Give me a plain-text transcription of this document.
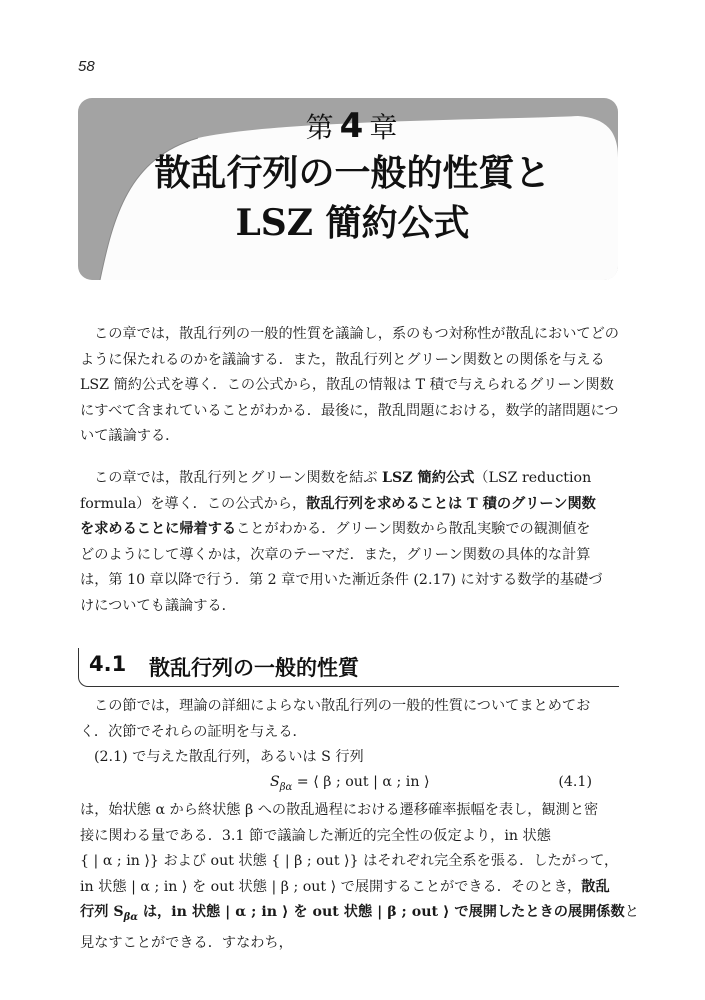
58
第 4 章
散乱行列の一般的性質と
LSZ 簡約公式
この章では，散乱行列の一般的性質を議論し，系のもつ対称性が散乱においてどの
ように保たれるのかを議論する．また，散乱行列とグリーン関数との関係を与える
LSZ 簡約公式を導く．この公式から，散乱の情報は T 積で与えられるグリーン関数
にすべて含まれていることがわかる．最後に，散乱問題における，数学的諸問題につ
いて議論する．
この章では，散乱行列とグリーン関数を結ぶ LSZ 簡約公式（LSZ reduction
formula）を導く．この公式から，散乱行列を求めることは T 積のグリーン関数
を求めることに帰着することがわかる．グリーン関数から散乱実験での観測値を
どのようにして導くかは，次章のテーマだ．また，グリーン関数の具体的な計算
は，第 10 章以降で行う．第 2 章で用いた漸近条件 (2.17) に対する数学的基礎づ
けについても議論する．
4.1 散乱行列の一般的性質
この節では，理論の詳細によらない散乱行列の一般的性質についてまとめてお
く．次節でそれらの証明を与える．
(2.1) で与えた散乱行列，あるいは S 行列
$S_{\beta\alpha}$ = ⟨ β ; out | α ; in ⟩	(4.1)
は，始状態 α から終状態 β への散乱過程における遷移確率振幅を表し，観測と密
接に関わる量である．3.1 節で議論した漸近的完全性の仮定より，in 状態
{ | α ; in ⟩} および out 状態 { | β ; out ⟩} はそれぞれ完全系を張る．したがって，
in 状態 | α ; in ⟩ を out 状態 | β ; out ⟩ で展開することができる．そのとき，散乱
行列 $S_{\beta\alpha}$ は，in 状態 | α ; in ⟩ を out 状態 | β ; out ⟩ で展開したときの展開係数と
見なすことができる．すなわち，
